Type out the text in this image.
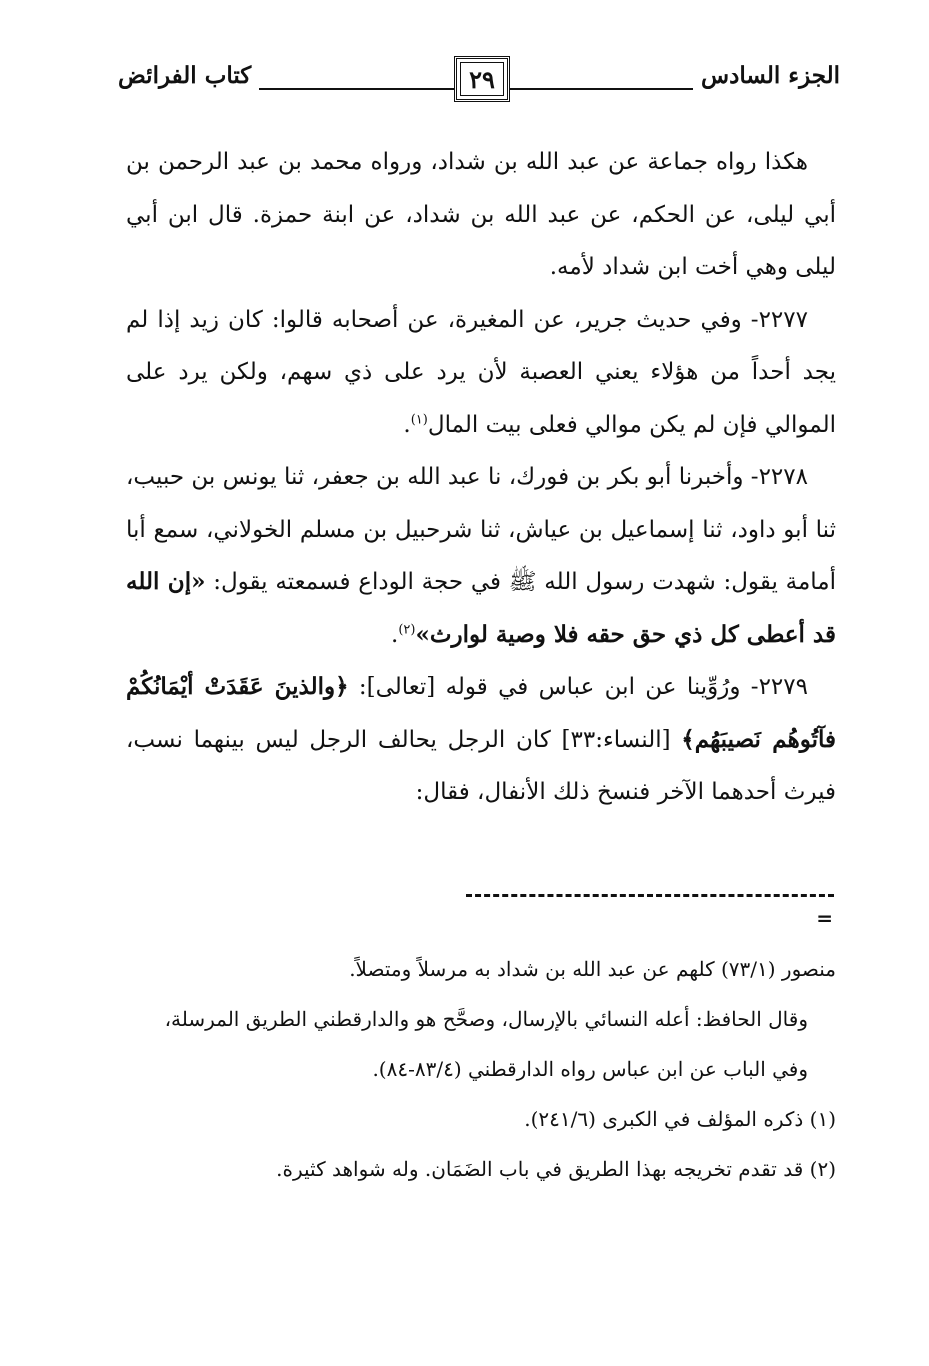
الجزء السادس
٢٩
كتاب الفرائض

هكذا رواه جماعة عن عبد الله بن شداد، ورواه محمد بن عبد الرحمن بن أبي ليلى، عن الحكم، عن عبد الله بن شداد، عن ابنة حمزة. قال ابن أبي ليلى وهي أخت ابن شداد لأمه.

٢٢٧٧- وفي حديث جرير، عن المغيرة، عن أصحابه قالوا: كان زيد إذا لم يجد أحداً من هؤلاء يعني العصبة لأن يرد على ذي سهم، ولكن يرد على الموالي فإن لم يكن موالي فعلى بيت المال$^{(١)}$.

٢٢٧٨- وأخبرنا أبو بكر بن فورك، نا عبد الله بن جعفر، ثنا يونس بن حبيب، ثنا أبو داود، ثنا إسماعيل بن عياش، ثنا شرحبيل بن مسلم الخولاني، سمع أبا أمامة يقول: شهدت رسول الله ﷺ في حجة الوداع فسمعته يقول: «إن الله قد أعطى كل ذي حق حقه فلا وصية لوارث»$^{(٢)}$.

٢٢٧٩- ورُوِّينا عن ابن عباس في قوله [تعالى]: ﴿والذينَ عَقَدَتْ أيْمَانُكُمْ فآتُوهُم نَصيبَهُم﴾ [النساء:٣٣] كان الرجل يحالف الرجل ليس بينهما نسب، فيرث أحدهما الآخر فنسخ ذلك الأنفال، فقال:

=

منصور (٧٣/١) كلهم عن عبد الله بن شداد به مرسلاً ومتصلاً.

وقال الحافظ: أعله النسائي بالإرسال، وصحَّح هو والدارقطني الطريق المرسلة، وفي الباب عن ابن عباس رواه الدارقطني (٨٣/٤-٨٤).

(١) ذكره المؤلف في الكبرى (٢٤١/٦).

(٢) قد تقدم تخريجه بهذا الطريق في باب الضَمَان. وله شواهد كثيرة.
